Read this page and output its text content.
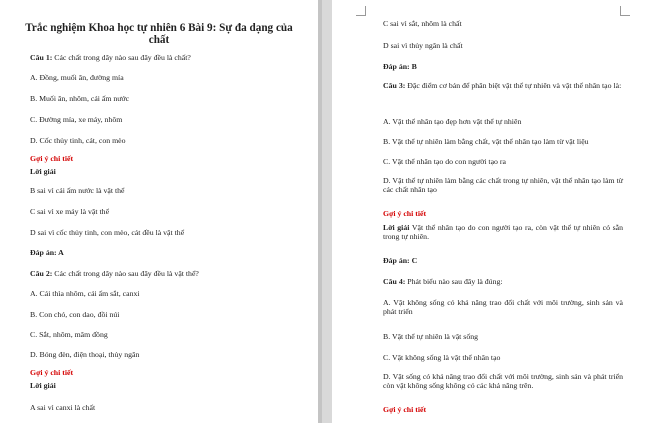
Trắc nghiệm Khoa học tự nhiên 6 Bài 9: Sự đa dạng của chất
Câu 1: Các chất trong dãy nào sau đây đều là chất?
A. Đồng, muối ăn, đường mía
B. Muối ăn, nhôm, cái ấm nước
C. Đường mía, xe máy, nhôm
D. Cốc thủy tinh, cát, con mèo
Gợi ý chi tiết
Lời giải
B sai vì cái ấm nước là vật thể
C sai vì xe máy là vật thể
D sai vì cốc thủy tinh, con mèo, cát đều là vật thể
Đáp án: A
Câu 2: Các chất trong dãy nào sau đây đều là vật thể?
A. Cái thìa nhôm, cái ấm sắt, canxi
B. Con chó, con dao, đồi núi
C. Sắt, nhôm, mâm đồng
D. Bóng đèn, điện thoại, thủy ngân
Gợi ý chi tiết
Lời giải
A sai vì canxi là chất
C sai vì sắt, nhôm là chất
D sai vì thủy ngân là chất
Đáp án: B
Câu 3: Đặc điểm cơ bản để phân biệt vật thể tự nhiên và vật thể nhân tạo là:
A. Vật thể nhân tạo đẹp hơn vật thể tự nhiên
B. Vật thể tự nhiên làm bằng chất, vật thể nhân tạo làm từ vật liệu
C. Vật thể nhân tạo do con người tạo ra
D. Vật thể tự nhiên làm bằng các chất trong tự nhiên, vật thể nhân tạo làm từ các chất nhân tạo
Gợi ý chi tiết
Lời giải Vật thể nhân tạo do con người tạo ra, còn vật thể tự nhiên có sẵn trong tự nhiên.
Đáp án: C
Câu 4: Phát biểu nào sau đây là đúng:
A. Vật không sống có khả năng trao đổi chất với môi trường, sinh sản và phát triển
B. Vật thể tự nhiên là vật sống
C. Vật không sống là vật thể nhân tạo
D. Vật sống có khả năng trao đổi chất với môi trường, sinh sản và phát triển còn vật không sống không có các khả năng trên.
Gợi ý chi tiết
